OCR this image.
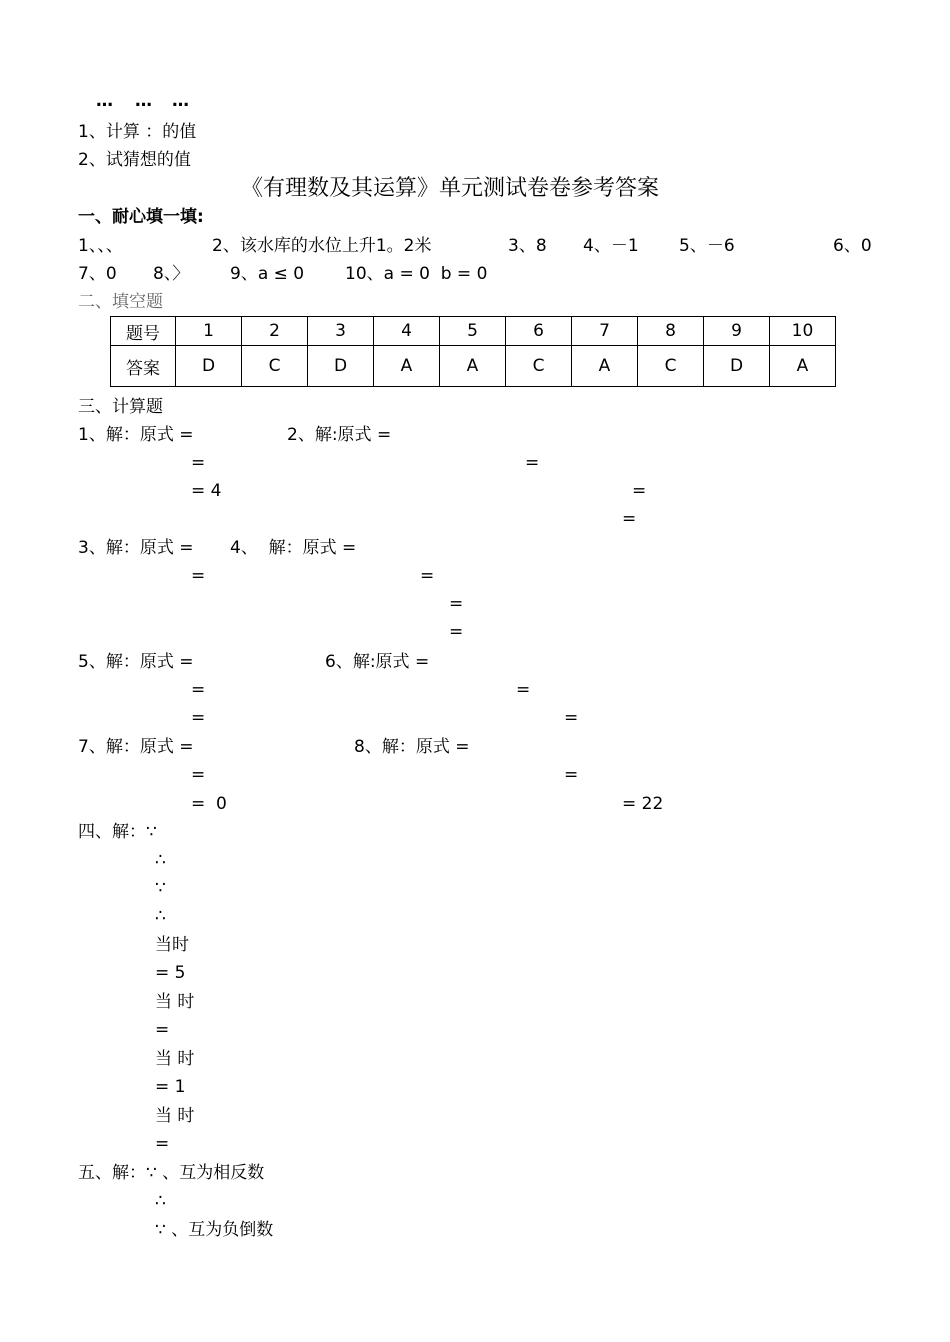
… … …
1、计算 ：的值
2、试猜想的值
《有理数及其运算》单元测试卷卷参考答案
一、耐心填一填:
1、、、	2、该水库的水位上升1。2米	3、8 4、－1 5、－6	6、0
7、0 8、〉 9、a ≤ 0 10、a = 0  b = 0
二、填空题
题号	1	2	3	4	5	6	7	8	9	10
答案	D	C	D	A	A	C	A	C	D	A
三、计算题
1、解：原式 =	2、解:原式 =
=	=
= 4	=
=
3、解：原式 = 4、  解：原式 =
=	=
=
=
5、解：原式 =	6、解:原式 =
=	=
=	=
7、解：原式 =	8、解：原式 =
=	=
=  0	= 22
四、解：∵
∴
∵
∴
当时
= 5
当 时
=
当 时
= 1
当 时
=
五、解：∵ 、互为相反数
∴
∵ 、互为负倒数
